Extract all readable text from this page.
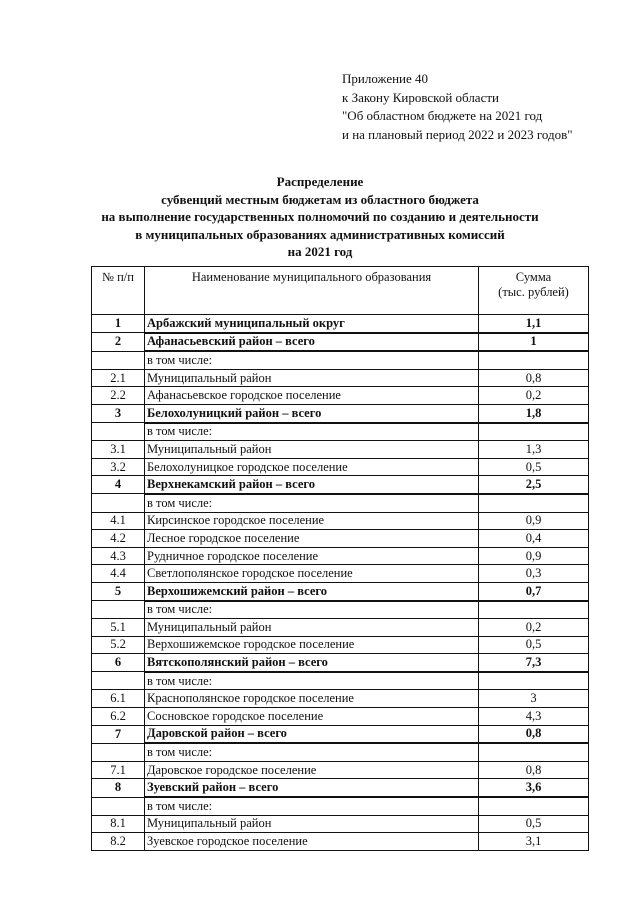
Приложение 40
к Закону Кировской области
"Об областном бюджете на 2021 год
и на плановый период 2022 и 2023 годов"
Распределение
субвенций местным бюджетам из областного бюджета
на выполнение государственных полномочий по созданию и деятельности
в муниципальных образованиях административных комиссий
на 2021 год
№ п/п	Наименование муниципального образования	Сумма
(тыс. рублей)

1	Арбажский муниципальный округ	1,1
2	Афанасьевский район – всего	1
	в том числе:	
2.1	Муниципальный район	0,8
2.2	Афанасьевское городское поселение	0,2
3	Белохолуницкий район – всего	1,8
	в том числе:	
3.1	Муниципальный район	1,3
3.2	Белохолуницкое городское поселение	0,5
4	Верхнекамский район – всего	2,5
	в том числе:	
4.1	Кирсинское городское поселение	0,9
4.2	Лесное городское поселение	0,4
4.3	Рудничное городское поселение	0,9
4.4	Светлополянское городское поселение	0,3
5	Верхошижемский район – всего	0,7
	в том числе:	
5.1	Муниципальный район	0,2
5.2	Верхошижемское городское поселение	0,5
6	Вятскополянский район – всего	7,3
	в том числе:	
6.1	Краснополянское городское поселение	3
6.2	Сосновское городское поселение	4,3
7	Даровской район – всего	0,8
	в том числе:	
7.1	Даровское городское поселение	0,8
8	Зуевский район – всего	3,6
	в том числе:	
8.1	Муниципальный район	0,5
8.2	Зуевское городское поселение	3,1
